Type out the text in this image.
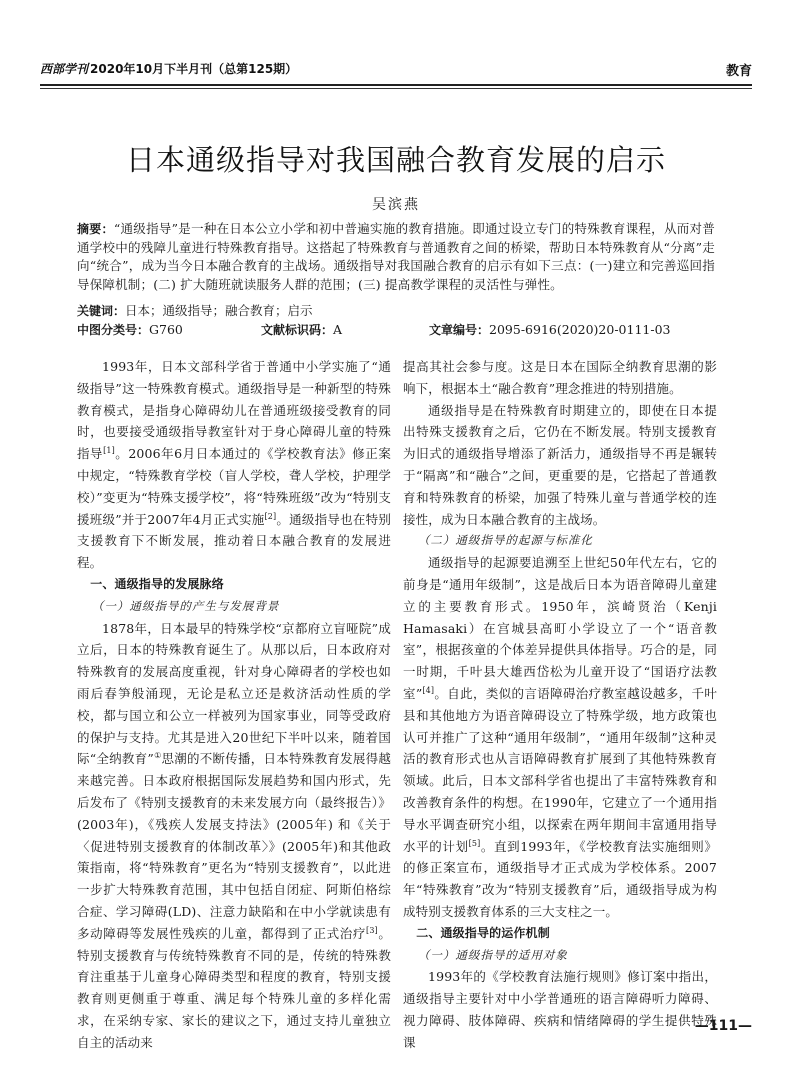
西部学刊 2020年10月下半月刊（总第125期）	教育
日本通级指导对我国融合教育发展的启示
吴滨燕
摘要：“通级指导”是一种在日本公立小学和初中普遍实施的教育措施。即通过设立专门的特殊教育课程，从而对普通学校中的残障儿童进行特殊教育指导。这搭起了特殊教育与普通教育之间的桥梁，帮助日本特殊教育从“分离”走向“统合”，成为当今日本融合教育的主战场。通级指导对我国融合教育的启示有如下三点：(一)建立和完善巡回指导保障机制；(二) 扩大随班就读服务人群的范围；(三) 提高教学课程的灵活性与弹性。
关键词：日本；通级指导；融合教育；启示
中图分类号：G760	文献标识码：A	文章编号：2095-6916(2020)20-0111-03

1993年，日本文部科学省于普通中小学实施了“通级指导”这一特殊教育模式。通级指导是一种新型的特殊教育模式，是指身心障碍幼儿在普通班级接受教育的同时，也要接受通级指导教室针对于身心障碍儿童的特殊指导[1]。2006年6月日本通过的《学校教育法》修正案中规定，“特殊教育学校（盲人学校，聋人学校，护理学校）”变更为“特殊支援学校”，将“特殊班级”改为“特别支援班级”并于2007年4月正式实施[2]。通级指导也在特别支援教育下不断发展，推动着日本融合教育的发展进程。

一、通级指导的发展脉络
（一）通级指导的产生与发展背景

1878年，日本最早的特殊学校“京都府立盲哑院”成立后，日本的特殊教育诞生了。从那以后，日本政府对特殊教育的发展高度重视，针对身心障碍者的学校也如雨后春笋般涌现，无论是私立还是救济活动性质的学校，都与国立和公立一样被列为国家事业，同等受政府的保护与支持。尤其是进入20世纪下半叶以来，随着国际“全纳教育”①思潮的不断传播，日本特殊教育发展得越来越完善。日本政府根据国际发展趋势和国内形式，先后发布了《特别支援教育的未来发展方向（最终报告）》(2003年)，《残疾人发展支持法》(2005年) 和《关于〈促进特别支援教育的体制改革〉》(2005年)和其他政策指南，将“特殊教育”更名为“特别支援教育”，以此进一步扩大特殊教育范围，其中包括自闭症、阿斯伯格综合症、学习障碍(LD)、注意力缺陷和在中小学就读患有多动障碍等发展性残疾的儿童，都得到了正式治疗[3]。特别支援教育与传统特殊教育不同的是，传统的特殊教育注重基于儿童身心障碍类型和程度的教育，特别支援教育则更侧重于尊重、满足每个特殊儿童的多样化需求，在采纳专家、家长的建议之下，通过支持儿童独立自主的活动来

提高其社会参与度。这是日本在国际全纳教育思潮的影响下，根据本土“融合教育”理念推进的特别措施。

通级指导是在特殊教育时期建立的，即使在日本提出特殊支援教育之后，它仍在不断发展。特别支援教育为旧式的通级指导增添了新活力，通级指导不再是辗转于“隔离”和“融合”之间，更重要的是，它搭起了普通教育和特殊教育的桥梁，加强了特殊儿童与普通学校的连接性，成为日本融合教育的主战场。

（二）通级指导的起源与标准化

通级指导的起源要追溯至上世纪50年代左右，它的前身是“通用年级制”，这是战后日本为语音障碍儿童建立的主要教育形式。1950年，滨崎贤治（Kenji Hamasaki）在宫城县高町小学设立了一个“语音教室”，根据孩童的个体差异提供具体指导。巧合的是，同一时期，千叶县大雄西岱松为儿童开设了“国语疗法教室”[4]。自此，类似的言语障碍治疗教室越设越多，千叶县和其他地方为语音障碍设立了特殊学级，地方政策也认可并推广了这种“通用年级制”，“通用年级制”这种灵活的教育形式也从言语障碍教育扩展到了其他特殊教育领域。此后，日本文部科学省也提出了丰富特殊教育和改善教育条件的构想。在1990年，它建立了一个通用指导水平调查研究小组，以探索在两年期间丰富通用指导水平的计划[5]。直到1993年，《学校教育法实施细则》的修正案宣布，通级指导才正式成为学校体系。2007年“特殊教育”改为“特别支援教育”后，通级指导成为构成特别支援教育体系的三大支柱之一。

二、通级指导的运作机制
（一）通级指导的适用对象

1993年的《学校教育法施行规则》修订案中指出，通级指导主要针对中小学普通班的语言障碍听力障碍、视力障碍、肢体障碍、疾病和情绪障碍的学生提供特殊课

—111—
